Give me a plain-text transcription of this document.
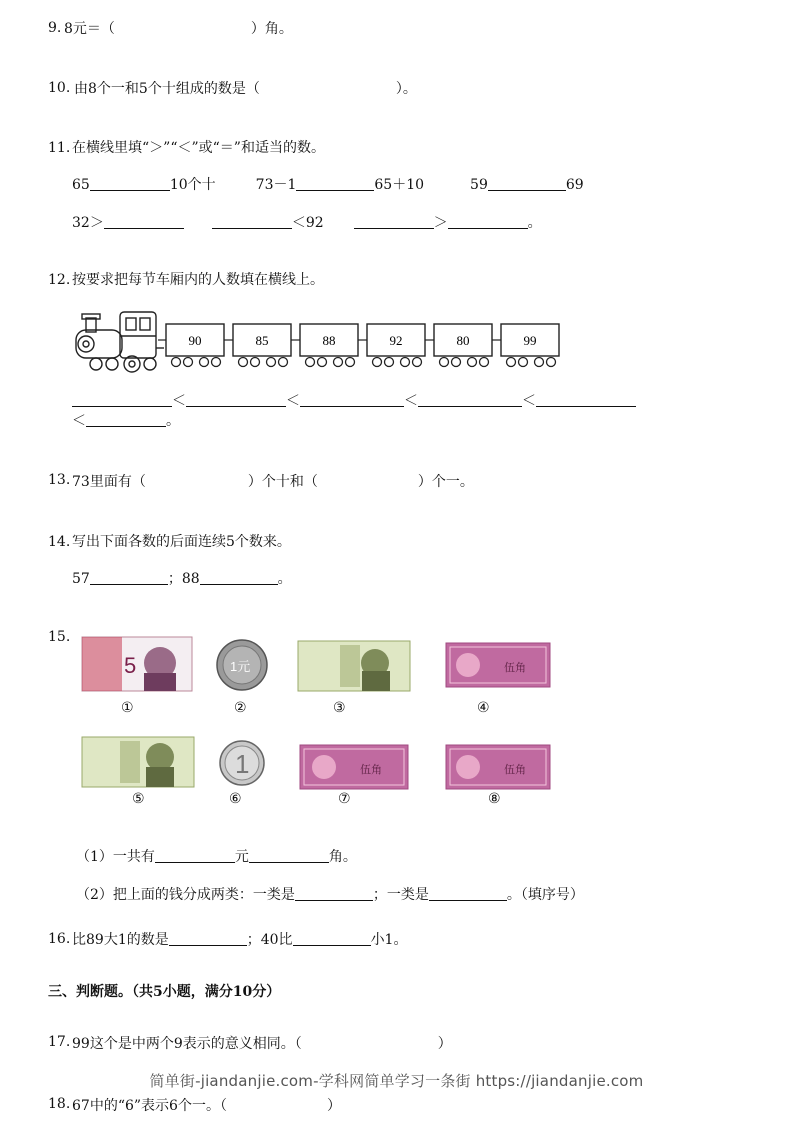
9. 8元＝（	）角。
10. 由8个一和5个十组成的数是（	）。
11. 在横线里填“＞”“＜”或“＝”和适当的数。
65	10个十	73－1	65＋10	59	69
32＞	＜92	＞	。
12. 按要求把每节车厢内的人数填在横线上。
90	85	88	92	80	99
＜	＜	＜	＜
＜	。
13. 73里面有（	）个十和（	）个一。
14. 写出下面各数的后面连续5个数来。
57	；88	。
15.
5	1元	伍角
1	伍角	伍角
①	②	③	④
⑤	⑥	⑦	⑧
（1）一共有	元	角。
（2）把上面的钱分成两类：一类是	；一类是	。（填序号）
16. 比89大1的数是	；40比	小1。
三、判断题。（共5小题，满分10分）
17. 99这个是中两个9表示的意义相同。（	）
简单街-jiandanjie.com-学科网简单学习一条街 https://jiandanjie.com
18. 67中的“6”表示6个一。（	）
